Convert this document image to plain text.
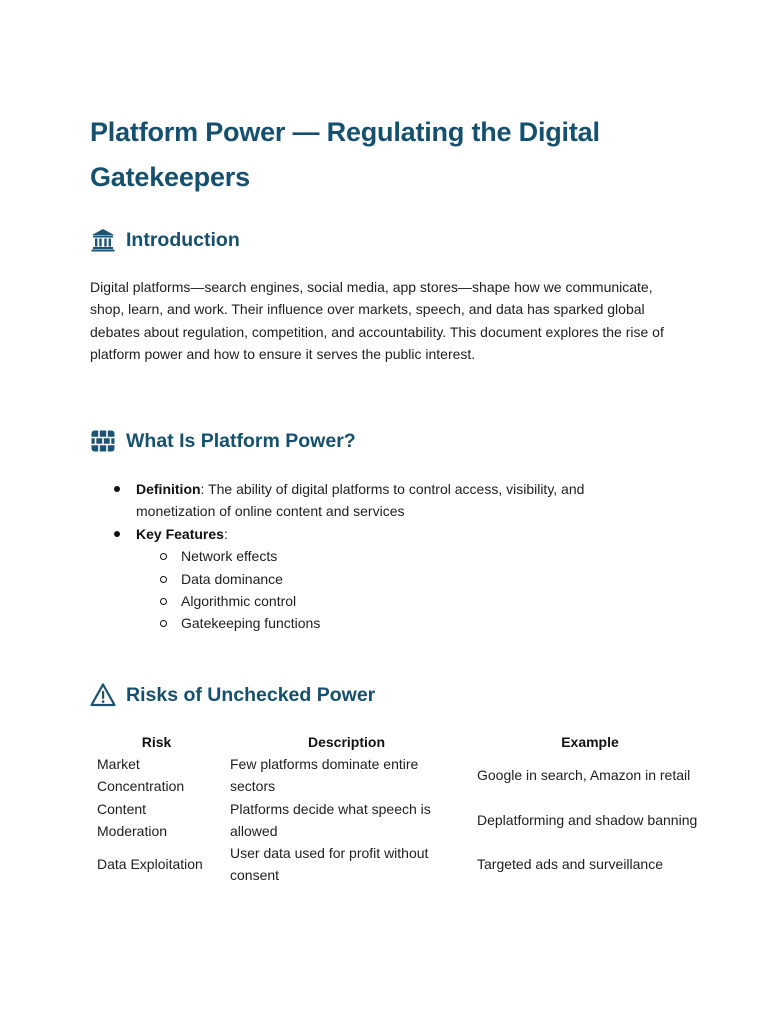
Platform Power — Regulating the Digital Gatekeepers
Introduction

Digital platforms—search engines, social media, app stores—shape how we communicate, shop, learn, and work. Their influence over markets, speech, and data has sparked global debates about regulation, competition, and accountability. This document explores the rise of platform power and how to ensure it serves the public interest.

What Is Platform Power?
Definition: The ability of digital platforms to control access, visibility, and monetization of online content and services
Key Features:
Network effects
Data dominance
Algorithmic control
Gatekeeping functions
Risks of Unchecked Power
Risk	Description	Example
Market Concentration	Few platforms dominate entire sectors	Google in search, Amazon in retail
Content Moderation	Platforms decide what speech is allowed	Deplatforming and shadow banning
Data Exploitation	User data used for profit without consent	Targeted ads and surveillance
